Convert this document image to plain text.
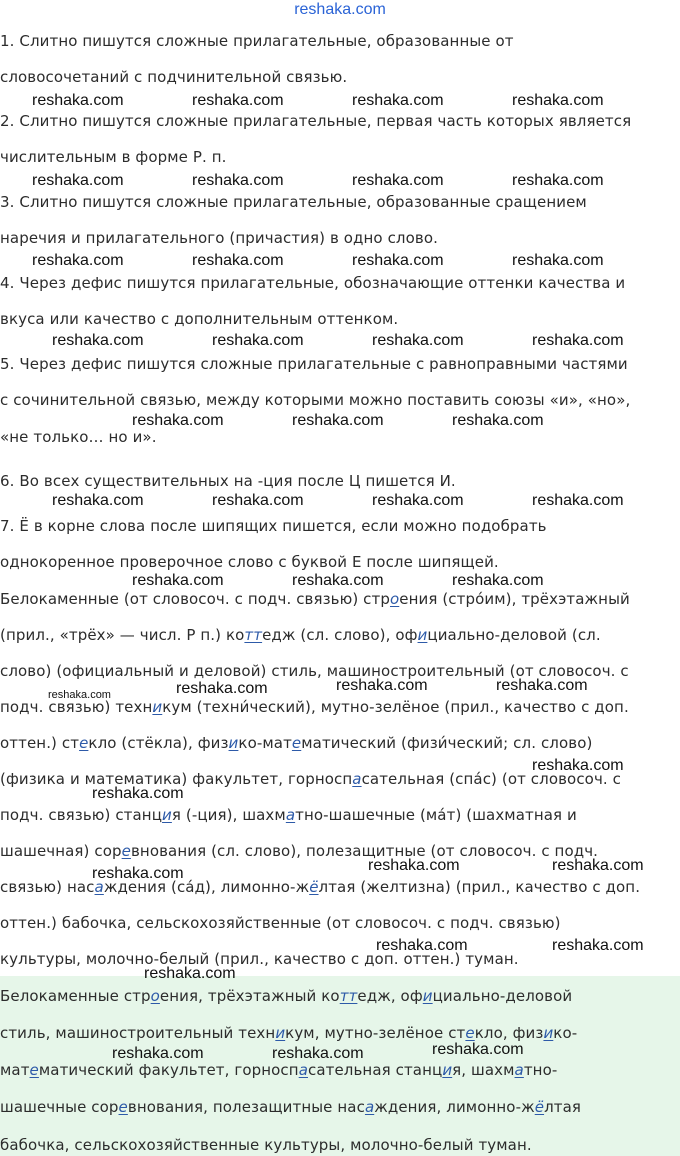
reshaka.com
1. Слитно пишутся сложные прилагательные, образованные от
словосочетаний с подчинительной связью.
2. Слитно пишутся сложные прилагательные, первая часть которых является
числительным в форме Р. п.
3. Слитно пишутся сложные прилагательные, образованные сращением
наречия и прилагательного (причастия) в одно слово.
4. Через дефис пишутся прилагательные, обозначающие оттенки качества и
вкуса или качество с дополнительным оттенком.
5. Через дефис пишутся сложные прилагательные с равноправными частями
с сочинительной связью, между которыми можно поставить союзы «и», «но»,
«не только… но и».
6. Во всех существительных на -ция после Ц пишется И.
7. Ё в корне слова после шипящих пишется, если можно подобрать
однокоренное проверочное слово с буквой Е после шипящей.
Белокаменные (от словосоч. с подч. связью) строения (стро́им), трёхэтажный
(прил., «трёх» — числ. Р п.) коттедж (сл. слово), официально-деловой (сл.
слово) (официальный и деловой) стиль, машиностроительный (от словосоч. с
подч. связью) техникум (техни́ческий), мутно-зелёное (прил., качество с доп.
оттен.) стекло (стёкла), физико-математический (физи́ческий; сл. слово)
(физика и математика) факультет, горноспасательная (спа́с) (от словосоч. с
подч. связью) станция (-ция), шахматно-шашечные (ма́т) (шахматная и
шашечная) соревнования (сл. слово), полезащитные (от словосоч. с подч.
связью) насаждения (са́д), лимонно-жёлтая (желтизна) (прил., качество с доп.
оттен.) бабочка, сельскохозяйственные (от словосоч. с подч. связью)
культуры, молочно-белый (прил., качество с доп. оттен.) туман.
Белокаменные строения, трёхэтажный коттедж, официально-деловой
стиль, машиностроительный техникум, мутно-зелёное стекло, физико-
математический факультет, горноспасательная станция, шахматно-
шашечные соревнования, полезащитные насаждения, лимонно-жёлтая
бабочка, сельскохозяйственные культуры, молочно-белый туман.
reshaka.com	reshaka.com	reshaka.com	reshaka.com
reshaka.com	reshaka.com	reshaka.com	reshaka.com
reshaka.com	reshaka.com	reshaka.com	reshaka.com
reshaka.com	reshaka.com	reshaka.com	reshaka.com
reshaka.com	reshaka.com	reshaka.com
reshaka.com	reshaka.com	reshaka.com	reshaka.com
reshaka.com	reshaka.com	reshaka.com
reshaka.com	reshaka.com	reshaka.com
reshaka.com
reshaka.com
reshaka.com	reshaka.com	reshaka.com
reshaka.com	reshaka.com
reshaka.com
reshaka.com	reshaka.com	reshaka.com
reshaka.com
